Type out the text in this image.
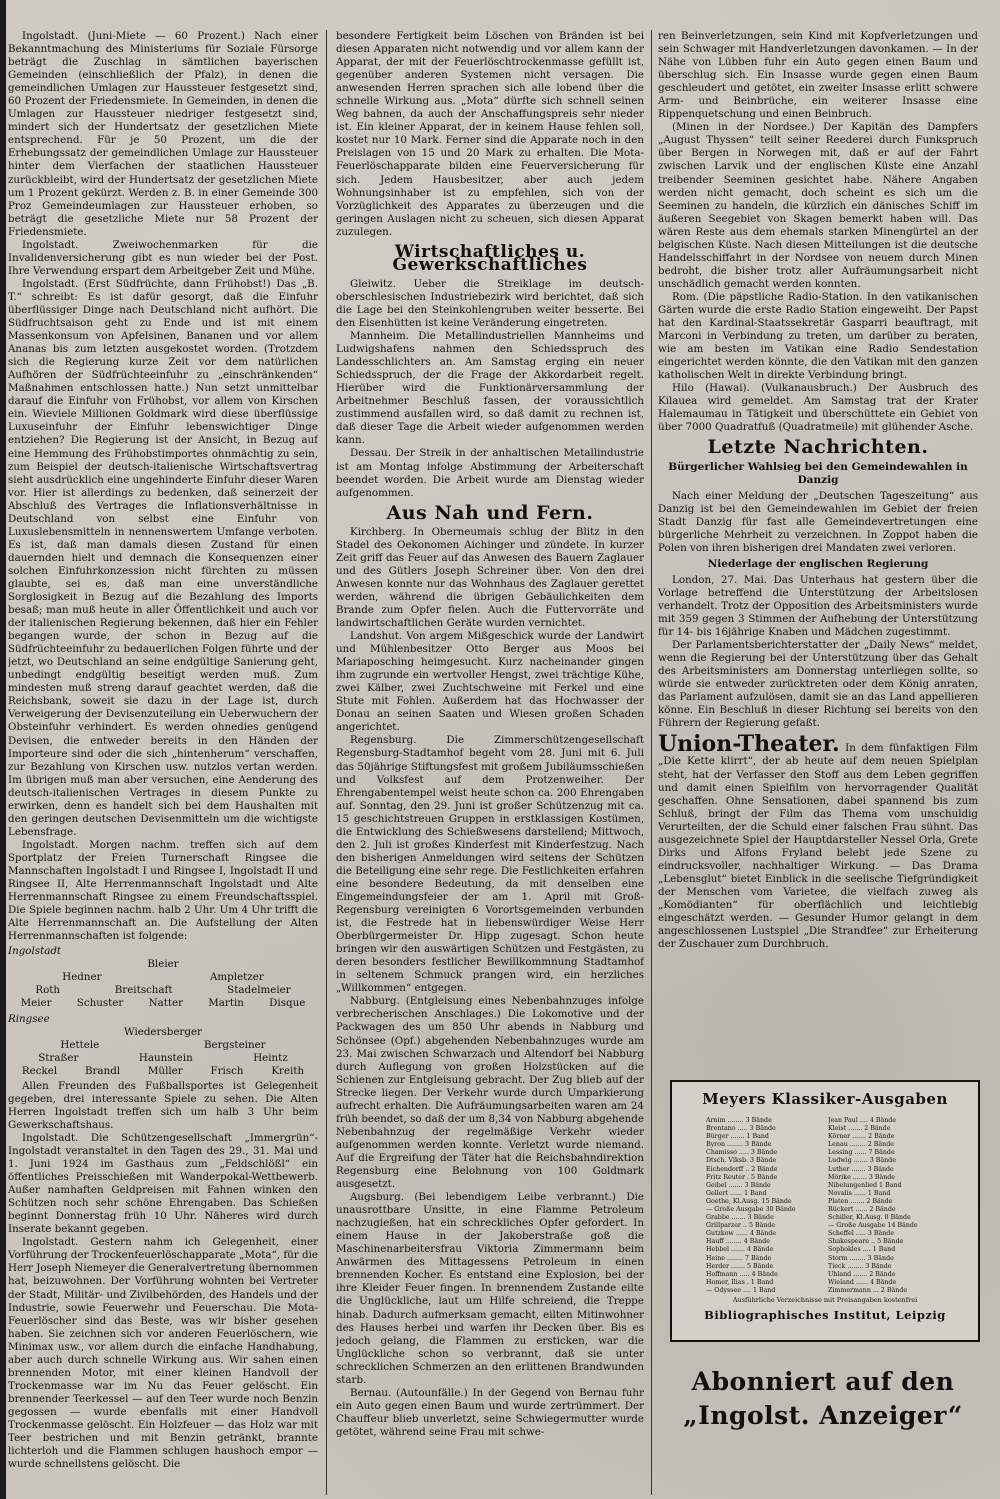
Ingolstadt. (Juni-Miete — 60 Prozent.) Nach einer Bekanntmachung des Ministeriums für Soziale Fürsorge beträgt die Zuschlag in sämtlichen bayerischen Gemeinden (einschließlich der Pfalz), in denen die gemeindlichen Umlagen zur Haussteuer festgesetzt sind, 60 Prozent der Friedensmiete. In Gemeinden, in denen die Umlagen zur Haussteuer niedriger festgesetzt sind, mindert sich der Hundertsatz der gesetzlichen Miete entsprechend. Für je 50 Prozent, um die der Erhebungssatz der gemeindlichen Umlage zur Haussteuer hinter dem Vierfachen der staatlichen Haussteuer zurückbleibt, wird der Hundertsatz der gesetzlichen Miete um 1 Prozent gekürzt. Werden z. B. in einer Gemeinde 300 Proz Gemeindeumlagen zur Haussteuer erhoben, so beträgt die gesetzliche Miete nur 58 Prozent der Friedensmiete.

Ingolstadt. Zweiwochenmarken für die Invalidenversicherung gibt es nun wieder bei der Post. Ihre Verwendung erspart dem Arbeitgeber Zeit und Mühe.

Ingolstadt. (Erst Südfrüchte, dann Frühobst!) Das „B. T.“ schreibt: Es ist dafür gesorgt, daß die Einfuhr überflüssiger Dinge nach Deutschland nicht aufhört. Die Südfruchtsaison geht zu Ende und ist mit einem Massenkonsum von Apfelsinen, Bananen und vor allem Ananas bis zum letzten ausgekostet worden. (Trotzdem sich die Regierung kurze Zeit vor dem natürlichen Aufhören der Südfrüchteeinfuhr zu „einschränkenden“ Maßnahmen entschlossen hatte.) Nun setzt unmittelbar darauf die Einfuhr von Frühobst, vor allem von Kirschen ein. Wieviele Millionen Goldmark wird diese überflüssige Luxuseinfuhr der Einfuhr lebenswichtiger Dinge entziehen? Die Regierung ist der Ansicht, in Bezug auf eine Hemmung des Frühobstimportes ohnmächtig zu sein, zum Beispiel der deutsch-italienische Wirtschaftsvertrag sieht ausdrücklich eine ungehinderte Einfuhr dieser Waren vor. Hier ist allerdings zu bedenken, daß seinerzeit der Abschluß des Vertrages die Inflationsverhältnisse in Deutschland von selbst eine Einfuhr von Luxuslebensmitteln in nennenswertem Umfange verboten. Es ist, daß man damals diesen Zustand für einen dauernden hielt und demnach die Konsequenzen einer solchen Einfuhrkonzession nicht fürchten zu müssen glaubte, sei es, daß man eine unverständliche Sorglosigkeit in Bezug auf die Bezahlung des Imports besaß; man muß heute in aller Öffentlichkeit und auch vor der italienischen Regierung bekennen, daß hier ein Fehler begangen wurde, der schon in Bezug auf die Südfrüchteeinfuhr zu bedauerlichen Folgen führte und der jetzt, wo Deutschland an seine endgültige Sanierung geht, unbedingt endgültig beseitigt werden muß. Zum mindesten muß streng darauf geachtet werden, daß die Reichsbank, soweit sie dazu in der Lage ist, durch Verweigerung der Devisenzuteilung ein Ueberwuchern der Obsteinfuhr verhindert. Es werden ohnedies genügend Devisen, die entweder bereits in den Händen der Importeure sind oder die sich „hintenherum“ verschaffen, zur Bezahlung von Kirschen usw. nutzlos vertan werden. Im übrigen muß man aber versuchen, eine Aenderung des deutsch-italienischen Vertrages in diesem Punkte zu erwirken, denn es handelt sich bei dem Haushalten mit den geringen deutschen Devisenmitteln um die wichtigste Lebensfrage.

Ingolstadt. Morgen nachm. treffen sich auf dem Sportplatz der Freien Turnerschaft Ringsee die Mannschaften Ingolstadt I und Ringsee I, Ingolstadt II und Ringsee II, Alte Herrenmannschaft Ingolstadt und Alte Herrenmannschaft Ringsee zu einem Freundschaftsspiel. Die Spiele beginnen nachm. halb 2 Uhr. Um 4 Uhr trifft die Alte Herrenmannschaft an. Die Aufstellung der Alten Herrenmannschaften ist folgende:

Ingolstadt
Bleier
Hedner	Ampletzer
Roth	Breitschaft	Stadelmeier
Meier Schuster Natter Martin Disque
Ringsee
Wiedersberger
Hettele	Bergsteiner
Straßer	Haunstein	Heintz
Reckel	Brandl	Müller	Frisch	Kreith

Allen Freunden des Fußballsportes ist Gelegenheit gegeben, drei interessante Spiele zu sehen. Die Alten Herren Ingolstadt treffen sich um halb 3 Uhr beim Gewerkschaftshaus.

Ingolstadt. Die Schützengesellschaft „Immergrün“-Ingolstadt veranstaltet in den Tagen des 29., 31. Mai und 1. Juni 1924 im Gasthaus zum „Feldschlößl“ ein öffentliches Preisschießen mit Wanderpokal-Wettbewerb. Außer namhaften Geldpreisen mit Fahnen winken den Schützen noch sehr schöne Ehrengaben. Das Schießen beginnt Donnerstag früh 10 Uhr. Näheres wird durch Inserate bekannt gegeben.

Ingolstadt. Gestern nahm ich Gelegenheit, einer Vorführung der Trockenfeuerlöschapparate „Mota“, für die Herr Joseph Niemeyer die Generalvertretung übernommen hat, beizuwohnen. Der Vorführung wohnten bei Vertreter der Stadt, Militär- und Zivilbehörden, des Handels und der Industrie, sowie Feuerwehr und Feuerschau. Die Mota-Feuerlöscher sind das Beste, was wir bisher gesehen haben. Sie zeichnen sich vor anderen Feuerlöschern, wie Minimax usw., vor allem durch die einfache Handhabung, aber auch durch schnelle Wirkung aus. Wir sahen einen brennenden Motor, mit einer kleinen Handvoll der Trockenmasse war im Nu das Feuer gelöscht. Ein brennender Teerkessel — auf den Teer wurde noch Benzin gegossen — wurde ebenfalls mit einer Handvoll Trockenmasse gelöscht. Ein Holzfeuer — das Holz war mit Teer bestrichen und mit Benzin getränkt, brannte lichterloh und die Flammen schlugen haushoch empor — wurde schnellstens gelöscht. Die

besondere Fertigkeit beim Löschen von Bränden ist bei diesen Apparaten nicht notwendig und vor allem kann der Apparat, der mit der Feuerlöschtrockenmasse gefüllt ist, gegenüber anderen Systemen nicht versagen. Die anwesenden Herren sprachen sich alle lobend über die schnelle Wirkung aus. „Mota“ dürfte sich schnell seinen Weg bahnen, da auch der Anschaffungspreis sehr nieder ist. Ein kleiner Apparat, der in keinem Hause fehlen soll, kostet nur 10 Mark. Ferner sind die Apparate noch in den Preislagen von 15 und 20 Mark zu erhalten. Die Mota-Feuerlöschapparate bilden eine Feuerversicherung für sich. Jedem Hausbesitzer, aber auch jedem Wohnungsinhaber ist zu empfehlen, sich von der Vorzüglichkeit des Apparates zu überzeugen und die geringen Auslagen nicht zu scheuen, sich diesen Apparat zuzulegen.

Wirtschaftliches u. Gewerkschaftliches

Gleiwitz. Ueber die Streiklage im deutsch-oberschlesischen Industriebezirk wird berichtet, daß sich die Lage bei den Steinkohlengruben weiter besserte. Bei den Eisenhütten ist keine Veränderung eingetreten.

Mannheim. Die Metallindustriellen Mannheims und Ludwigshafens nahmen den Schiedsspruch des Landesschlichters an. Am Samstag erging ein neuer Schiedsspruch, der die Frage der Akkordarbeit regelt. Hierüber wird die Funktionärversammlung der Arbeitnehmer Beschluß fassen, der voraussichtlich zustimmend ausfallen wird, so daß damit zu rechnen ist, daß dieser Tage die Arbeit wieder aufgenommen werden kann.

Dessau. Der Streik in der anhaltischen Metallindustrie ist am Montag infolge Abstimmung der Arbeiterschaft beendet worden. Die Arbeit wurde am Dienstag wieder aufgenommen.

Aus Nah und Fern.

Kirchberg. In Oberneumais schlug der Blitz in den Stadel des Oekonomen Aichinger und zündete. In kurzer Zeit griff das Feuer auf das Anwesen des Bauern Zaglauer und des Gütlers Joseph Schreiner über. Von den drei Anwesen konnte nur das Wohnhaus des Zaglauer gerettet werden, während die übrigen Gebäulichkeiten dem Brande zum Opfer fielen. Auch die Futtervorräte und landwirtschaftlichen Geräte wurden vernichtet.

Landshut. Von argem Mißgeschick wurde der Landwirt und Mühlenbesitzer Otto Berger aus Moos bei Mariaposching heimgesucht. Kurz nacheinander gingen ihm zugrunde ein wertvoller Hengst, zwei trächtige Kühe, zwei Kälber, zwei Zuchtschweine mit Ferkel und eine Stute mit Fohlen. Außerdem hat das Hochwasser der Donau an seinen Saaten und Wiesen großen Schaden angerichtet.

Regensburg. Die Zimmerschützengesellschaft Regensburg-Stadtamhof begeht vom 28. Juni mit 6. Juli das 50jährige Stiftungsfest mit großem Jubiläumsschießen und Volksfest auf dem Protzenweiher. Der Ehrengabentempel weist heute schon ca. 200 Ehrengaben auf. Sonntag, den 29. Juni ist großer Schützenzug mit ca. 15 geschichtstreuen Gruppen in erstklassigen Kostümen, die Entwicklung des Schießwesens darstellend; Mittwoch, den 2. Juli ist großes Kinderfest mit Kinderfestzug. Nach den bisherigen Anmeldungen wird seitens der Schützen die Beteiligung eine sehr rege. Die Festlichkeiten erfahren eine besondere Bedeutung, da mit denselben eine Eingemeindungsfeier der am 1. April mit Groß-Regensburg vereinigten 6 Vorortsgemeinden verbunden ist, die Festrede hat in liebenswürdiger Weise Herr Oberbürgermeister Dr. Hipp zugesagt. Schon heute bringen wir den auswärtigen Schützen und Festgästen, zu deren besonders festlicher Bewillkommnung Stadtamhof in seltenem Schmuck prangen wird, ein herzliches „Willkommen“ entgegen.

Nabburg. (Entgleisung eines Nebenbahnzuges infolge verbrecherischen Anschlages.) Die Lokomotive und der Packwagen des um 850 Uhr abends in Nabburg und Schönsee (Opf.) abgehenden Nebenbahnzuges wurde am 23. Mai zwischen Schwarzach und Altendorf bei Nabburg durch Auflegung von großen Holzstücken auf die Schienen zur Entgleisung gebracht. Der Zug blieb auf der Strecke liegen. Der Verkehr wurde durch Umparkierung aufrecht erhalten. Die Aufräumungsarbeiten waren am 24 früh beendet, so daß der um 8,34 von Nabburg abgehende Nebenbahnzug der regelmäßige Verkehr wieder aufgenommen werden konnte. Verletzt wurde niemand. Auf die Ergreifung der Täter hat die Reichsbahndirektion Regensburg eine Belohnung von 100 Goldmark ausgesetzt.

Augsburg. (Bei lebendigem Leibe verbrannt.) Die unausrottbare Unsitte, in eine Flamme Petroleum nachzugießen, hat ein schreckliches Opfer gefordert. In einem Hause in der Jakoberstraße goß die Maschinenarbeitersfrau Viktoria Zimmermann beim Anwärmen des Mittagessens Petroleum in einen brennenden Kocher. Es entstand eine Explosion, bei der ihre Kleider Feuer fingen. In brennendem Zustande eilte die Unglückliche, laut um Hilfe schreiend, die Treppe hinab. Dadurch aufmerksam gemacht, eilten Mitinwohner des Hauses herbei und warfen ihr Decken über. Bis es jedoch gelang, die Flammen zu ersticken, war die Unglückliche schon so verbrannt, daß sie unter schrecklichen Schmerzen an den erlittenen Brandwunden starb.

Bernau. (Autounfälle.) In der Gegend von Bernau fuhr ein Auto gegen einen Baum und wurde zertrümmert. Der Chauffeur blieb unverletzt, seine Schwiegermutter wurde getötet, während seine Frau mit schwe-

ren Beinverletzungen, sein Kind mit Kopfverletzungen und sein Schwager mit Handverletzungen davonkamen. — In der Nähe von Lübben fuhr ein Auto gegen einen Baum und überschlug sich. Ein Insasse wurde gegen einen Baum geschleudert und getötet, ein zweiter Insasse erlitt schwere Arm- und Beinbrüche, ein weiterer Insasse eine Rippenquetschung und einen Beinbruch.

(Minen in der Nordsee.) Der Kapitän des Dampfers „August Thyssen“ teilt seiner Reederei durch Funkspruch über Bergen in Norwegen mit, daß er auf der Fahrt zwischen Larvik und der englischen Küste eine Anzahl treibender Seeminen gesichtet habe. Nähere Angaben werden nicht gemacht, doch scheint es sich um die Seeminen zu handeln, die kürzlich ein dänisches Schiff im äußeren Seegebiet von Skagen bemerkt haben will. Das wären Reste aus dem ehemals starken Minengürtel an der belgischen Küste. Nach diesen Mitteilungen ist die deutsche Handelsschiffahrt in der Nordsee von neuem durch Minen bedroht, die bisher trotz aller Aufräumungsarbeit nicht unschädlich gemacht werden konnten.

Rom. (Die päpstliche Radio-Station. In den vatikanischen Gärten wurde die erste Radio Station eingeweiht. Der Papst hat den Kardinal-Staatssekretär Gasparri beauftragt, mit Marconi in Verbindung zu treten, um darüber zu beraten, wie am besten im Vatikan eine Radio Sendestation eingerichtet werden könnte, die den Vatikan mit den ganzen katholischen Welt in direkte Verbindung bringt.

Hilo (Hawai). (Vulkanausbruch.) Der Ausbruch des Kilauea wird gemeldet. Am Samstag trat der Krater Halemaumau in Tätigkeit und überschüttete ein Gebiet von über 7000 Quadratfuß (Quadratmeile) mit glühender Asche.

Letzte Nachrichten.
Bürgerlicher Wahlsieg bei den Gemeindewahlen in Danzig

Nach einer Meldung der „Deutschen Tageszeitung“ aus Danzig ist bei den Gemeindewahlen im Gebiet der freien Stadt Danzig für fast alle Gemeindevertretungen eine bürgerliche Mehrheit zu verzeichnen. In Zoppot haben die Polen von ihren bisherigen drei Mandaten zwei verloren.

Niederlage der englischen Regierung

London, 27. Mai. Das Unterhaus hat gestern über die Vorlage betreffend die Unterstützung der Arbeitslosen verhandelt. Trotz der Opposition des Arbeitsministers wurde mit 359 gegen 3 Stimmen der Aufhebung der Unterstützung für 14- bis 16jährige Knaben und Mädchen zugestimmt.

Der Parlamentsberichterstatter der „Daily News“ meldet, wenn die Regierung bei der Unterstützung über das Gehalt des Arbeitsministers am Donnerstag unterliegen sollte, so würde sie entweder zurücktreten oder dem König anraten, das Parlament aufzulösen, damit sie an das Land appellieren könne. Ein Beschluß in dieser Richtung sei bereits von den Führern der Regierung gefaßt.

Union-Theater. In dem fünfaktigen Film „Die Kette klirrt“, der ab heute auf dem neuen Spielplan steht, hat der Verfasser den Stoff aus dem Leben gegriffen und damit einen Spielfilm von hervorragender Qualität geschaffen. Ohne Sensationen, dabei spannend bis zum Schluß, bringt der Film das Thema vom unschuldig Verurteilten, der die Schuld einer falschen Frau sühnt. Das ausgezeichnete Spiel der Hauptdarsteller Nessel Orla, Grete Dirks und Alfons Fryland belebt jede Szene zu eindrucksvoller, nachhaltiger Wirkung. — Das Drama „Lebensglut“ bietet Einblick in die seelische Tiefgründigkeit der Menschen vom Varietee, die vielfach zuweg als „Komödianten“ für oberflächlich und leichtlebig eingeschätzt werden. — Gesunder Humor gelangt in dem angeschlossenen Lustspiel „Die Strandfee“ zur Erheiterung der Zuschauer zum Durchbruch.

Meyers Klassiker-Ausgaben
Arnim ........ 3 Bände	Jean Paul .... 4 Bände
Brentano ..... 3 Bände	Kleist ....... 2 Bände
Bürger ....... 1 Band	Körner ....... 2 Bände
Byron ........ 3 Bände	Lenau ........ 2 Bände
Chamisso ..... 3 Bände	Lessing ...... 7 Bände
Dtsch. Vlksb. 3 Bände	Ludwig ....... 3 Bände
Eichendorff .. 2 Bände	Luther ....... 3 Bände
Fritz Reuter . 5 Bände	Mörike ....... 3 Bände
Geibel ....... 3 Bände	Nibelungenlied 1 Band
Gellert ...... 1 Band	Novalis ...... 1 Band
Goethe, Kl.Ausg. 15 Bände	Platen ....... 2 Bände
— Große Ausgabe 30 Bände	Rückert ...... 2 Bände
Grabbe ....... 3 Bände	Schiller, Kl.Ausg. 8 Bände
Grillparzer .. 5 Bände	— Große Ausgabe 14 Bände
Gutzkow ...... 4 Bände	Scheffel ..... 3 Bände
Hauff ........ 4 Bände	Shakespeare .. 5 Bände
Hebbel ....... 4 Bände	Sophokles .... 1 Band
Heine ........ 7 Bände	Storm ........ 3 Bände
Herder ....... 5 Bände	Tieck ........ 3 Bände
Hoffmann ..... 4 Bände	Uhland ....... 2 Bände
Homer, Ilias . 1 Band	Wieland ...... 4 Bände
— Odyssee .... 1 Band	Zimmermann ... 2 Bände
Ausführliche Verzeichnisse mit Preisangaben kostenfrei
Bibliographisches Institut, Leipzig
Abonniert auf den
„Ingolst. Anzeiger“
